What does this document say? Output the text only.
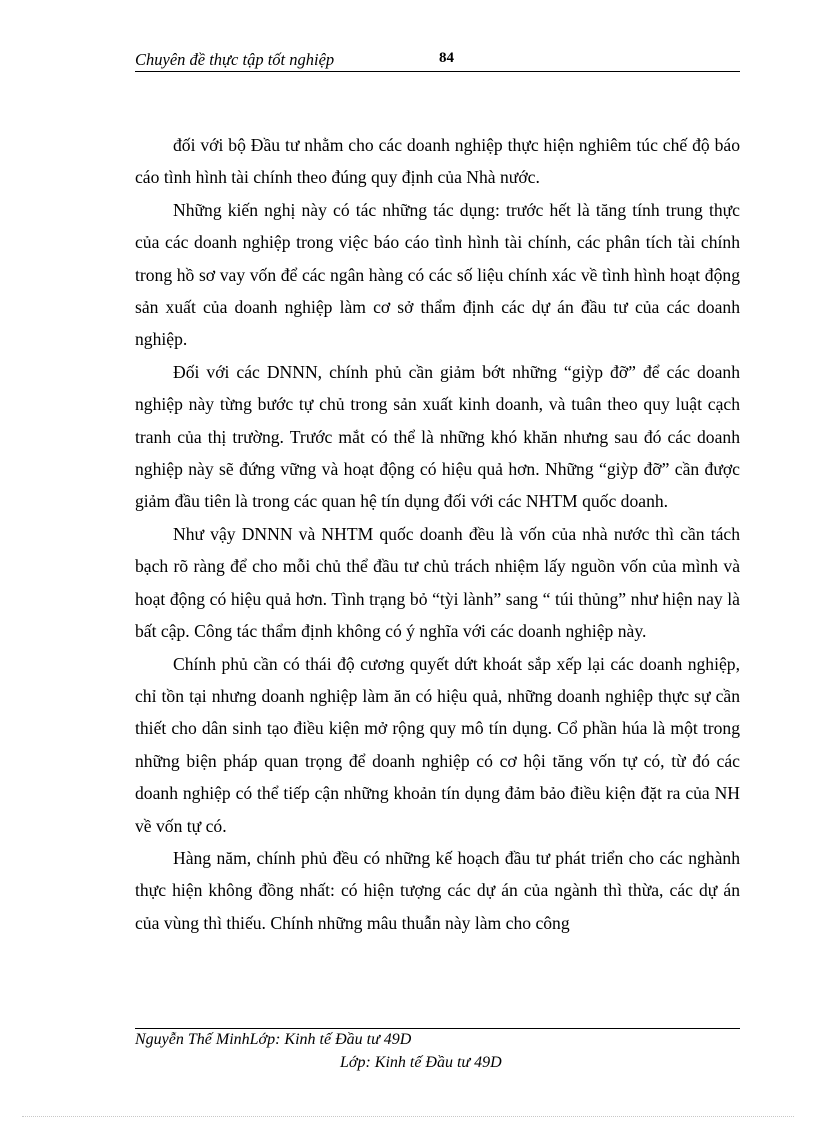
Chuyên đề thực tập tốt nghiệp	84

đối với bộ Đầu tư nhằm cho các doanh nghiệp thực hiện nghiêm túc chế độ báo cáo tình hình tài chính theo đúng quy định của Nhà nước.

Những kiến nghị này có tác những tác dụng: trước hết là tăng tính trung thực của các doanh nghiệp trong việc báo cáo tình hình tài chính, các phân tích tài chính trong hồ sơ vay vốn để các ngân hàng có các số liệu chính xác về tình hình hoạt động sản xuất của doanh nghiệp làm cơ sở thẩm định các dự án đầu tư của các doanh nghiệp.

Đối với các DNNN, chính phủ cần giảm bớt những “giỳp đỡ” để các doanh nghiệp này từng bước tự chủ trong sản xuất kinh doanh, và tuân theo quy luật cạch tranh của thị trường. Trước mắt có thể là những khó khăn nhưng sau đó các doanh nghiệp này sẽ đứng vững và hoạt động có hiệu quả hơn. Những “giỳp đỡ” cần được giảm đầu tiên là trong các quan hệ tín dụng đối với các NHTM quốc doanh.

Như vậy DNNN và NHTM quốc doanh đều là vốn của nhà nước thì cần tách bạch rõ ràng để cho mỗi chủ thể đầu tư chủ trách nhiệm lấy nguồn vốn của mình và hoạt động có hiệu quả hơn. Tình trạng bỏ “tỳi lành” sang “ túi thủng” như hiện nay là bất cập. Công tác thẩm định không có ý nghĩa với các doanh nghiệp này.

Chính phủ cần có thái độ cương quyết dứt khoát sắp xếp lại các doanh nghiệp, chỉ tồn tại nhưng doanh nghiệp làm ăn có hiệu quả, những doanh nghiệp thực sự cần thiết cho dân sinh tạo điều kiện mở rộng quy mô tín dụng. Cổ phần húa là một trong những biện pháp quan trọng để doanh nghiệp có cơ hội tăng vốn tự có, từ đó các doanh nghiệp có thể tiếp cận những khoản tín dụng đảm bảo điều kiện đặt ra của NH về vốn tự có.

Hàng năm, chính phủ đều có những kế hoạch đầu tư phát triển cho các nghành thực hiện không đồng nhất: có hiện tượng các dự án của ngành thì thừa, các dự án của vùng thì thiếu. Chính những mâu thuẫn này làm cho công

Nguyễn Thế MinhLớp: Kinh tế Đầu tư 49D
Lớp: Kinh tế Đầu tư 49D
